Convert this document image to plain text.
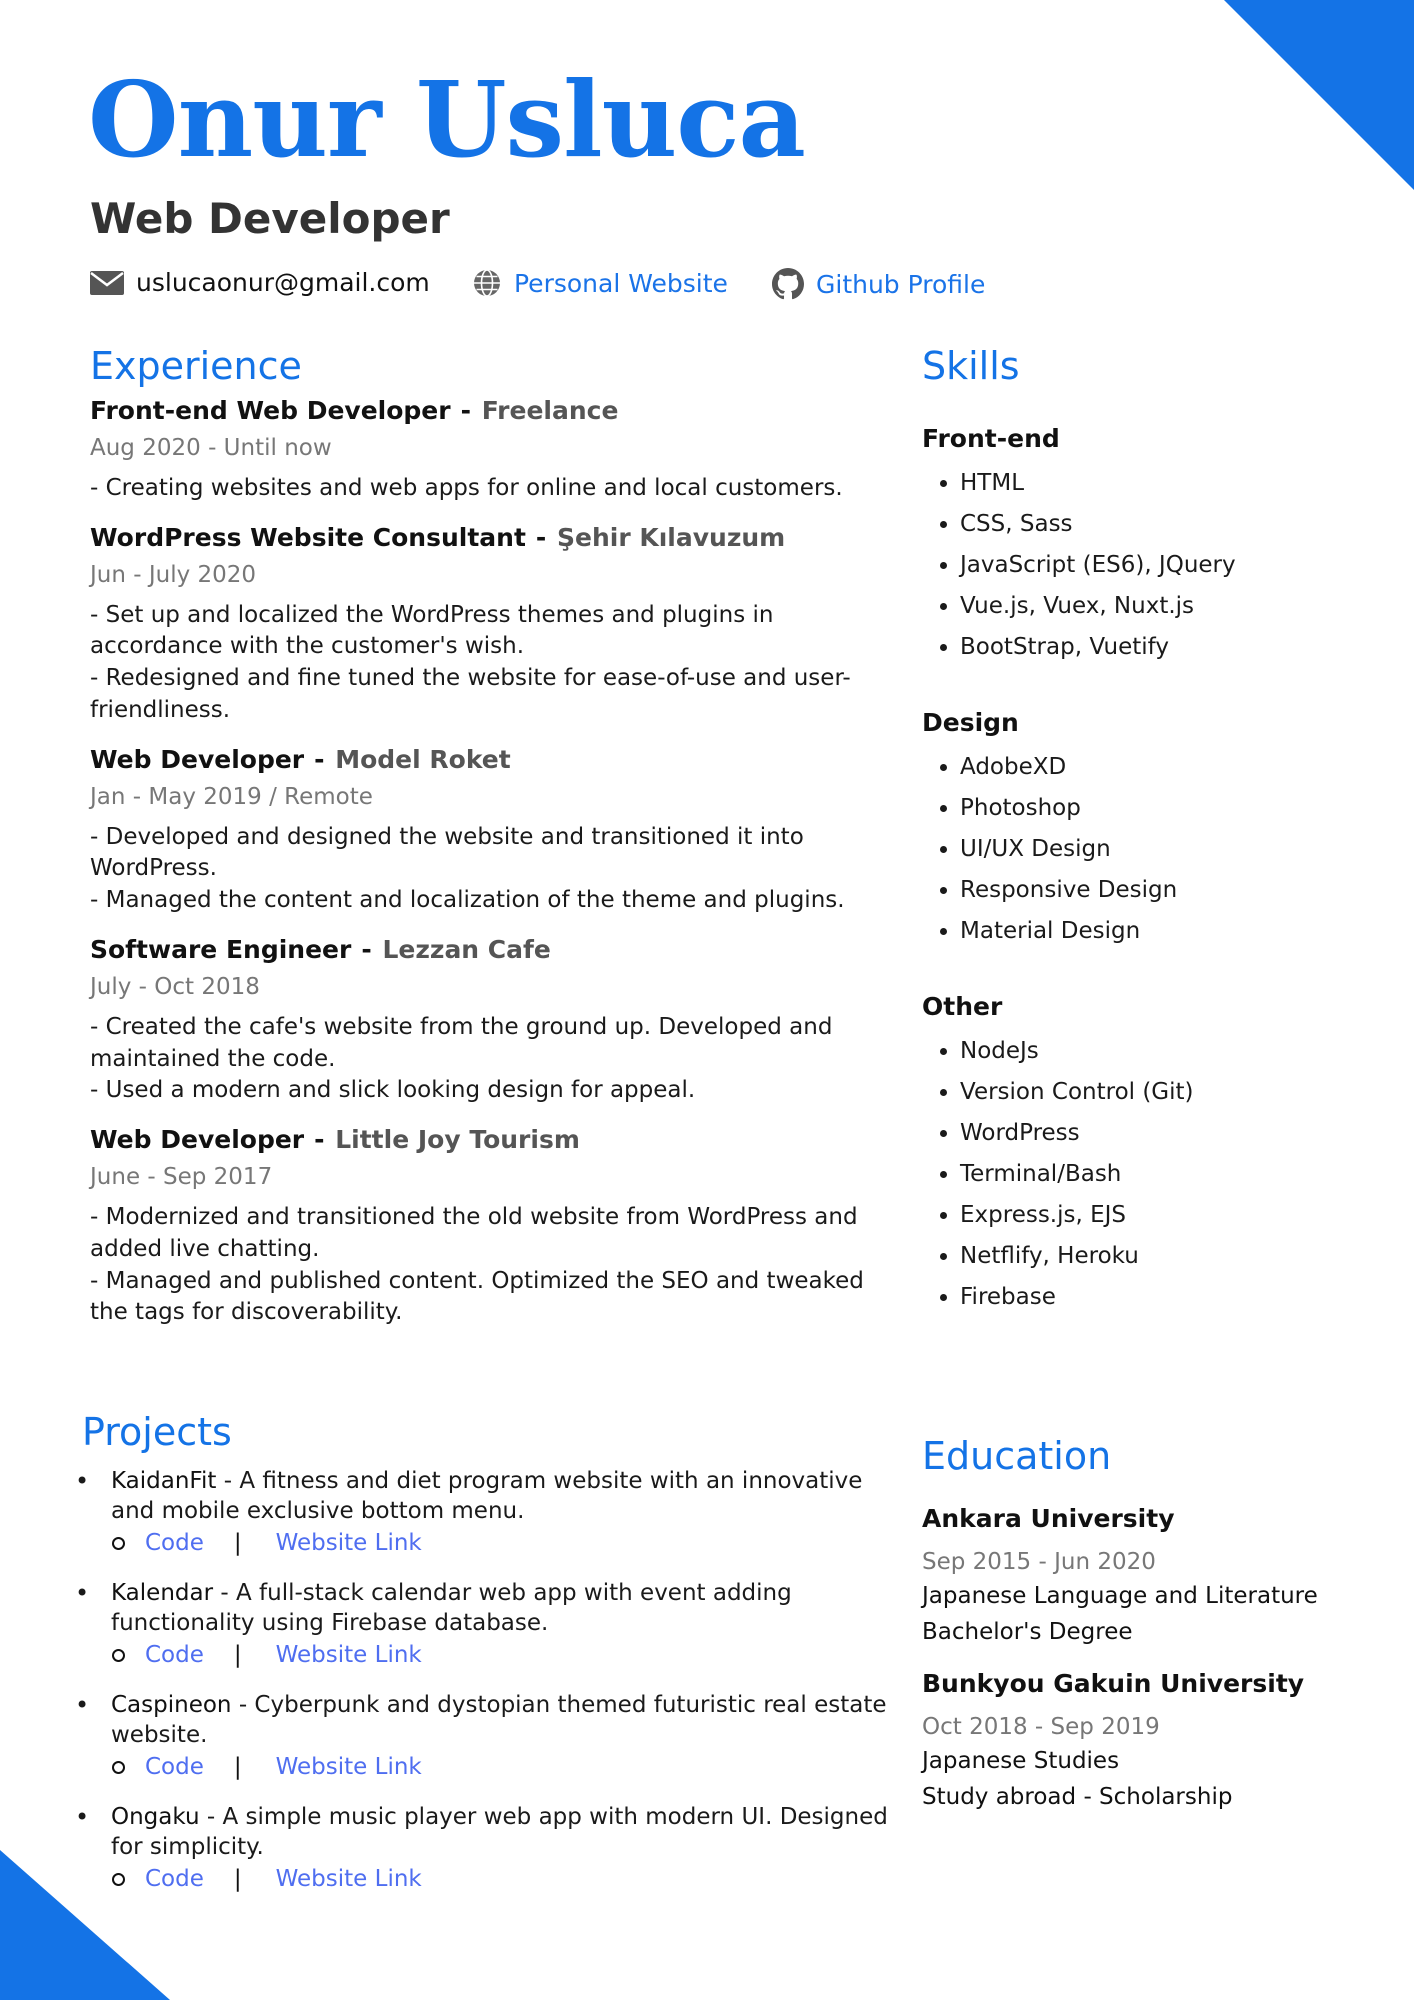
Onur Usluca
Web Developer
uslucaonur@gmail.com	Personal Website	Github Profile
Experience
Front-end Web Developer - Freelance
Aug 2020 - Until now
- Creating websites and web apps for online and local customers.
WordPress Website Consultant - Şehir Kılavuzum
Jun - July 2020
- Set up and localized the WordPress themes and plugins in accordance with the customer's wish.
- Redesigned and fine tuned the website for ease-of-use and user-friendliness.
Web Developer - Model Roket
Jan - May 2019 / Remote
- Developed and designed the website and transitioned it into WordPress.
- Managed the content and localization of the theme and plugins.
Software Engineer - Lezzan Cafe
July - Oct 2018
- Created the cafe's website from the ground up. Developed and maintained the code.
- Used a modern and slick looking design for appeal.
Web Developer - Little Joy Tourism
June - Sep 2017
- Modernized and transitioned the old website from WordPress and added live chatting.
- Managed and published content. Optimized the SEO and tweaked the tags for discoverability.
Skills
Front-end
• HTML
• CSS, Sass
• JavaScript (ES6), JQuery
• Vue.js, Vuex, Nuxt.js
• BootStrap, Vuetify
Design
• AdobeXD
• Photoshop
• UI/UX Design
• Responsive Design
• Material Design
Other
• NodeJs
• Version Control (Git)
• WordPress
• Terminal/Bash
• Express.js, EJS
• Netflify, Heroku
• Firebase
Projects
• KaidanFit - A fitness and diet program website with an innovative and mobile exclusive bottom menu.
Code | Website Link
• Kalendar - A full-stack calendar web app with event adding functionality using Firebase database.
Code | Website Link
• Caspineon - Cyberpunk and dystopian themed futuristic real estate website.
Code | Website Link
• Ongaku - A simple music player web app with modern UI. Designed for simplicity.
Code | Website Link
Education
Ankara University
Sep 2015 - Jun 2020
Japanese Language and Literature
Bachelor's Degree
Bunkyou Gakuin University
Oct 2018 - Sep 2019
Japanese Studies
Study abroad - Scholarship
